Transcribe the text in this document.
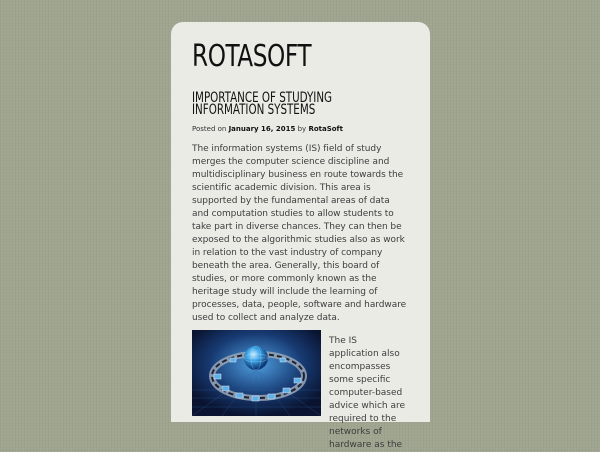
ROTASOFT
IMPORTANCE OF STUDYING INFORMATION SYSTEMS
Posted on January 16, 2015 by RotaSoft
The information systems (IS) field of study merges the computer science discipline and multidisciplinary business en route towards the scientific academic division. This area is supported by the fundamental areas of data and computation studies to allow students to take part in diverse chances. They can then be exposed to the algorithmic studies also as work in relation to the vast industry of company beneath the area. Generally, this board of studies, or more commonly known as the heritage study will include the learning of processes, data, people, software and hardware used to collect and analyze data.
The IS application also encompasses some specific computer-based advice which are required to the networks of hardware as the
